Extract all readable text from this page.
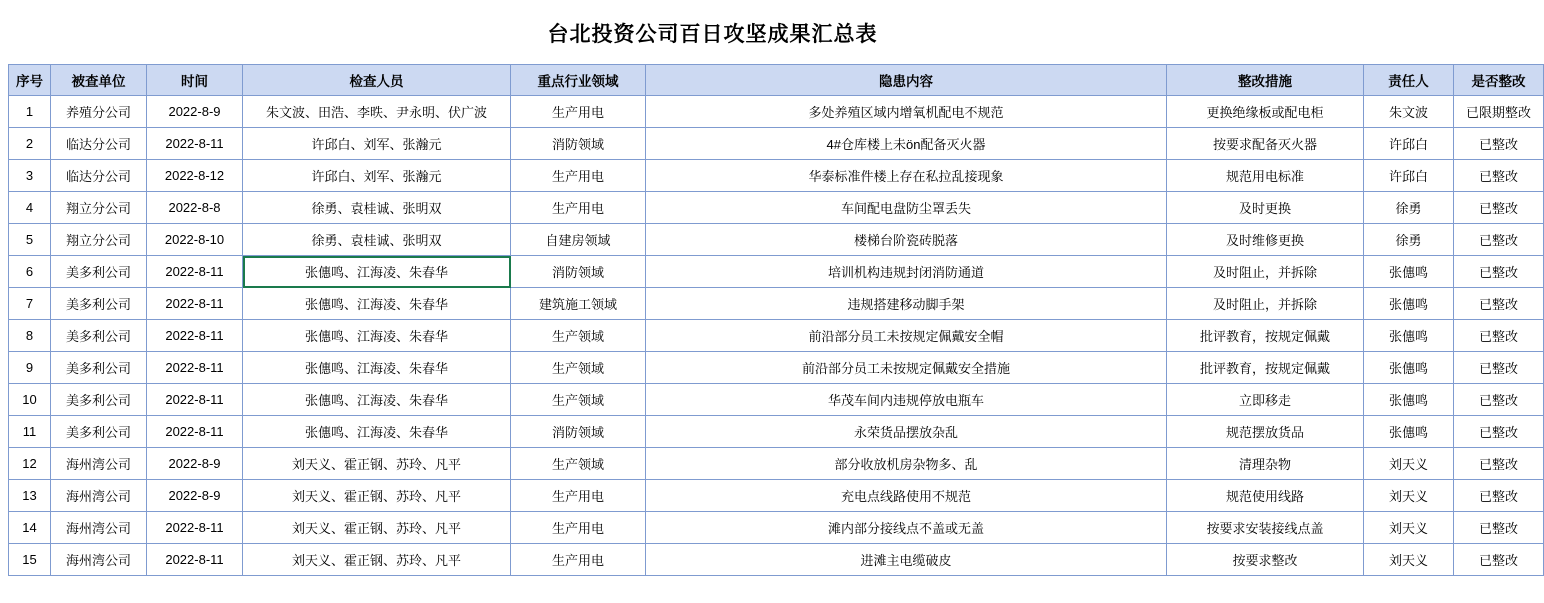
台北投资公司百日攻坚成果汇总表
序号	被查单位	时间	检查人员	重点行业领域	隐患内容	整改措施	责任人	是否整改
1	养殖分公司	2022-8-9	朱文波、田浩、李昳、尹永明、伏广波	生产用电	多处养殖区域内增氧机配电不规范	更换绝缘板或配电柜	朱文波	已限期整改
2	临达分公司	2022-8-11	许邱白、刘军、张瀚元	消防领域	4#仓库楼上未ön配备灭火器	按要求配备灭火器	许邱白	已整改
3	临达分公司	2022-8-12	许邱白、刘军、张瀚元	生产用电	华泰标准件楼上存在私拉乱接现象	规范用电标准	许邱白	已整改
4	翔立分公司	2022-8-8	徐勇、袁桂诚、张明双	生产用电	车间配电盘防尘罩丢失	及时更换	徐勇	已整改
5	翔立分公司	2022-8-10	徐勇、袁桂诚、张明双	自建房领域	楼梯台阶瓷砖脱落	及时维修更换	徐勇	已整改
6	美多利公司	2022-8-11	张僡鸣、江海凌、朱春华	消防领域	培训机构违规封闭消防通道	及时阻止，并拆除	张僡鸣	已整改
7	美多利公司	2022-8-11	张僡鸣、江海凌、朱春华	建筑施工领域	违规搭建移动脚手架	及时阻止，并拆除	张僡鸣	已整改
8	美多利公司	2022-8-11	张僡鸣、江海凌、朱春华	生产领域	前沿部分员工未按规定佩戴安全帽	批评教育，按规定佩戴	张僡鸣	已整改
9	美多利公司	2022-8-11	张僡鸣、江海凌、朱春华	生产领域	前沿部分员工未按规定佩戴安全措施	批评教育，按规定佩戴	张僡鸣	已整改
10	美多利公司	2022-8-11	张僡鸣、江海凌、朱春华	生产领域	华茂车间内违规停放电瓶车	立即移走	张僡鸣	已整改
11	美多利公司	2022-8-11	张僡鸣、江海凌、朱春华	消防领域	永荣货品摆放杂乱	规范摆放货品	张僡鸣	已整改
12	海州湾公司	2022-8-9	刘天义、霍正钢、苏玲、凡平	生产领域	部分收放机房杂物多、乱	清理杂物	刘天义	已整改
13	海州湾公司	2022-8-9	刘天义、霍正钢、苏玲、凡平	生产用电	充电点线路使用不规范	规范使用线路	刘天义	已整改
14	海州湾公司	2022-8-11	刘天义、霍正钢、苏玲、凡平	生产用电	滩内部分接线点不盖或无盖	按要求安装接线点盖	刘天义	已整改
15	海州湾公司	2022-8-11	刘天义、霍正钢、苏玲、凡平	生产用电	进滩主电缆破皮	按要求整改	刘天义	已整改
